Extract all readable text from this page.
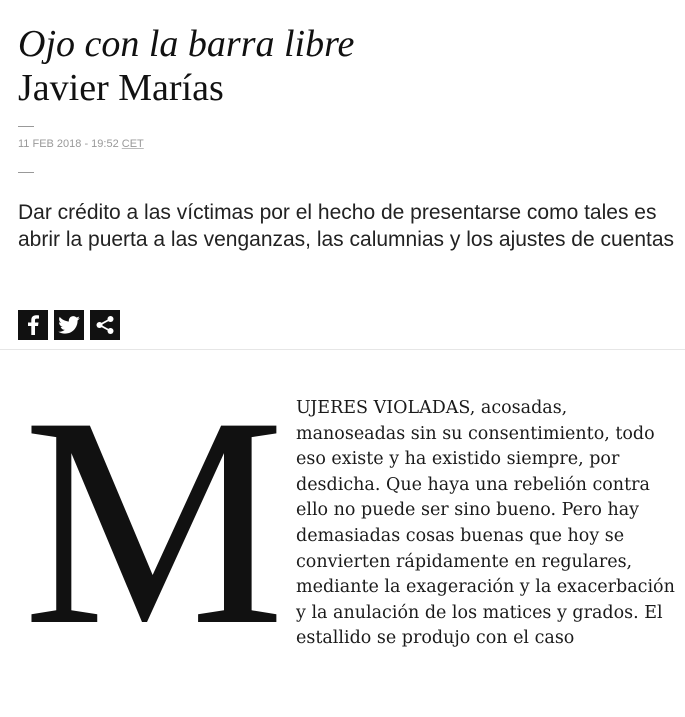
Ojo con la barra libre
Javier Marías
11 FEB 2018 - 19:52 CET

Dar crédito a las víctimas por el hecho de presentarse como tales es abrir la puerta a las venganzas, las calumnias y los ajustes de cuentas

M UJERES VIOLADAS, acosadas, manoseadas sin su consentimiento, todo eso existe y ha existido siempre, por desdicha. Que haya una rebelión contra ello no puede ser sino bueno. Pero hay demasiadas cosas buenas que hoy se convierten rápidamente en regulares, mediante la exageración y la exacerbación y la anulación de los matices y grados. El estallido se produjo con el caso
